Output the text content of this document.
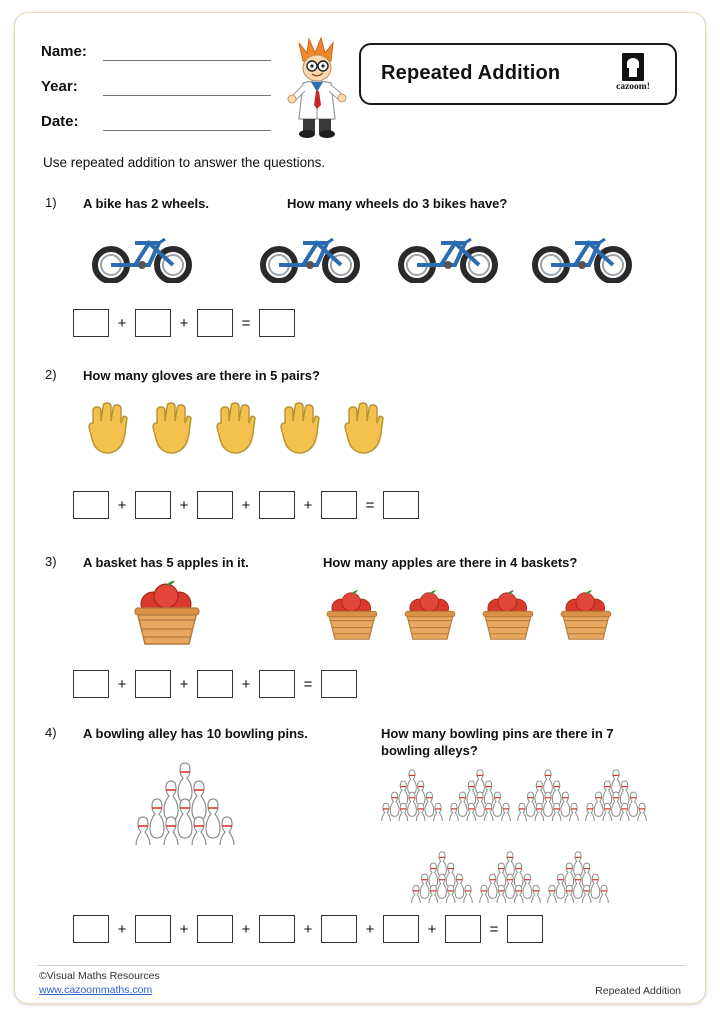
Name:
Year:
Date:
Repeated Addition
cazoom!
Use repeated addition to answer the questions.
1) A bike has 2 wheels.	How many wheels do 3 bikes have?
+	+	=
2) How many gloves are there in 5 pairs?
+	+	+	+	=
3) A basket has 5 apples in it.	How many apples are there in 4 baskets?
+	+	+	=
4) A bowling alley has 10 bowling pins.	How many bowling pins are there in 7 bowling alleys?
+	+	+	+	+	+	=
©Visual Maths Resources
www.cazoommaths.com	Repeated Addition
